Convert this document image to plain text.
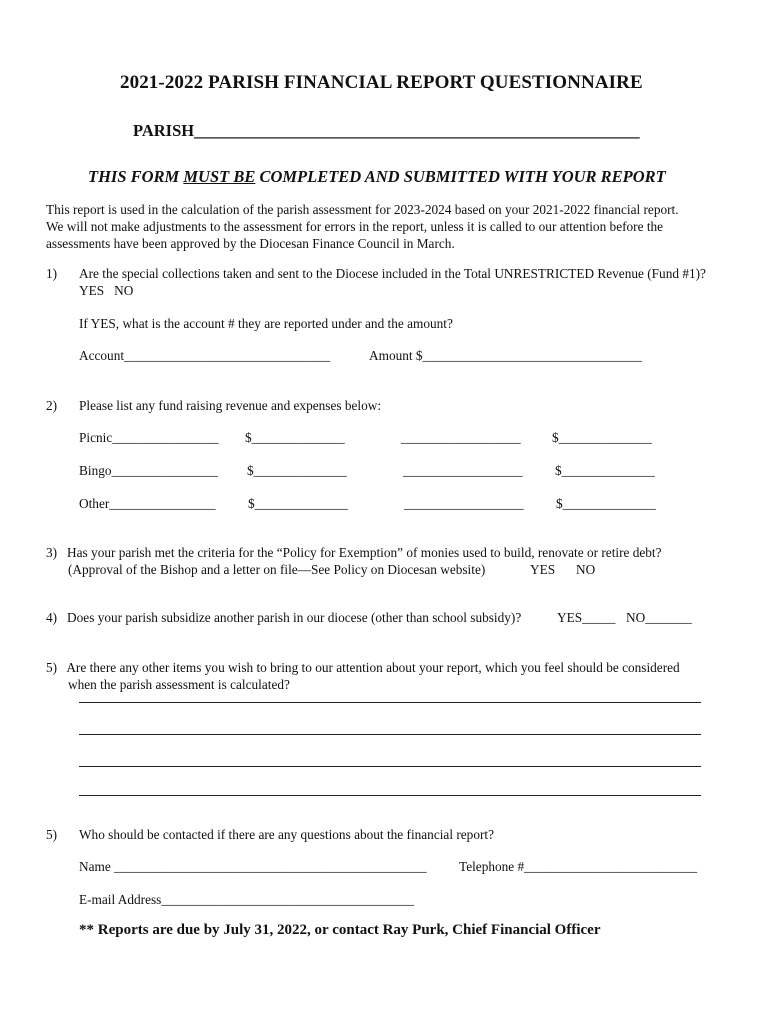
2021-2022 PARISH FINANCIAL REPORT QUESTIONNAIRE
PARISH______________________________________________________
THIS FORM MUST BE COMPLETED AND SUBMITTED WITH YOUR REPORT
This report is used in the calculation of the parish assessment for 2023-2024 based on your 2021-2022 financial report.
We will not make adjustments to the assessment for errors in the report, unless it is called to our attention before the
assessments have been approved by the Diocesan Finance Council in March.
1) Are the special collections taken and sent to the Diocese included in the Total UNRESTRICTED Revenue (Fund #1)?
YES   NO
If YES, what is the account # they are reported under and the amount?
Account_______________________________	Amount $_________________________________
2) Please list any fund raising revenue and expenses below:
Picnic________________ $______________	__________________ $______________
Bingo________________ $______________	__________________ $______________
Other________________ $______________	__________________ $______________
3)   Has your parish met the criteria for the “Policy for Exemption” of monies used to build, renovate or retire debt?
(Approval of the Bishop and a letter on file—See Policy on Diocesan website)	YES NO
4)   Does your parish subsidize another parish in our diocese (other than school subsidy)?	YES_____ NO_______
5)   Are there any other items you wish to bring to our attention about your report, which you feel should be considered
when the parish assessment is calculated?
5) Who should be contacted if there are any questions about the financial report?
Name _______________________________________________ Telephone #__________________________
E-mail Address______________________________________
** Reports are due by July 31, 2022, or contact Ray Purk, Chief Financial Officer
